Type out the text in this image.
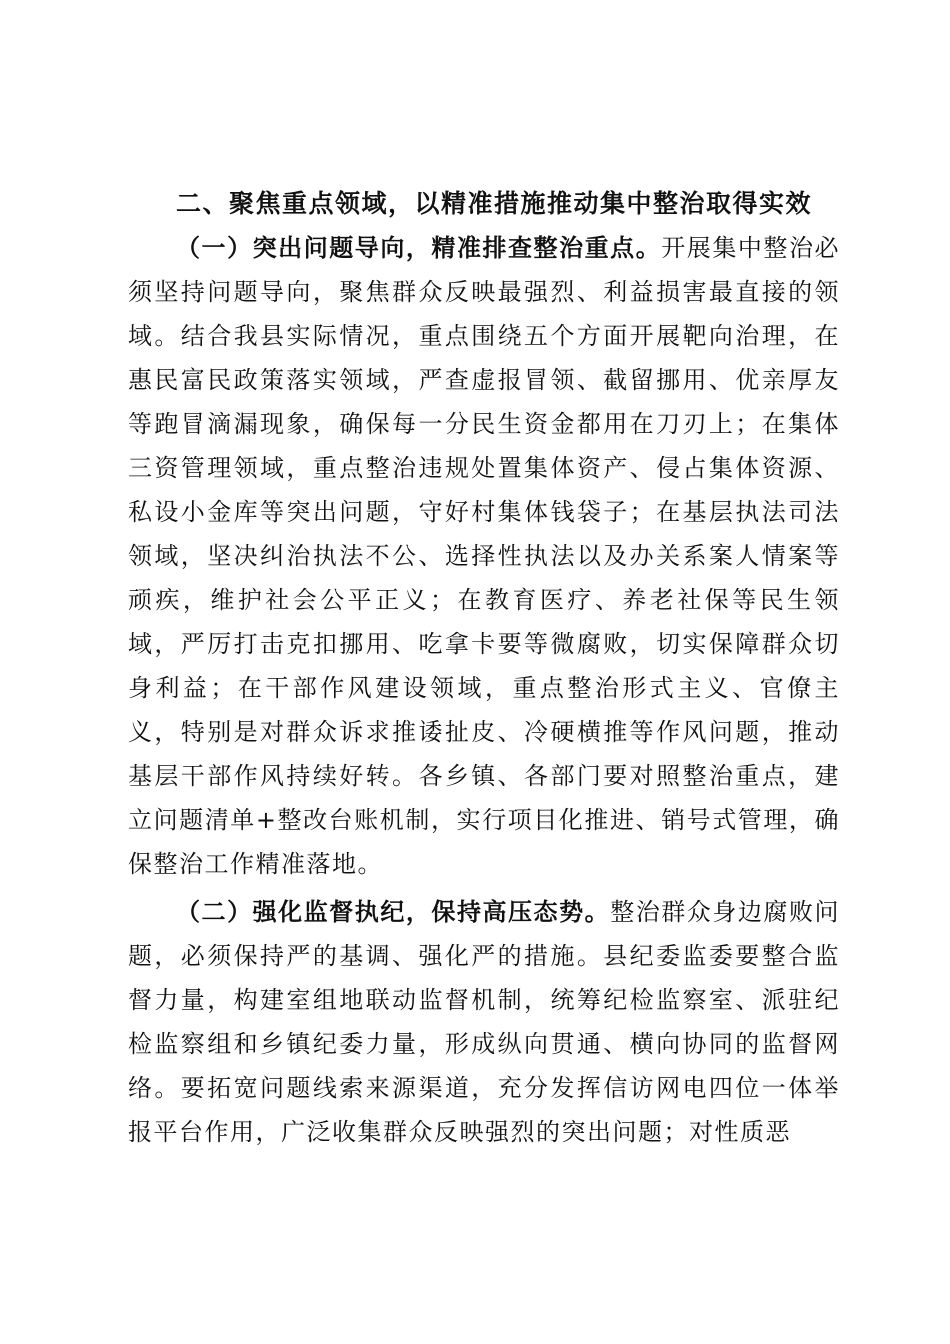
二、聚焦重点领域，以精准措施推动集中整治取得实效

（一）突出问题导向，精准排查整治重点。开展集中整治必须坚持问题导向，聚焦群众反映最强烈、利益损害最直接的领域。结合我县实际情况，重点围绕五个方面开展靶向治理，在惠民富民政策落实领域，严查虚报冒领、截留挪用、优亲厚友等跑冒滴漏现象，确保每一分民生资金都用在刀刃上；在集体三资管理领域，重点整治违规处置集体资产、侵占集体资源、私设小金库等突出问题，守好村集体钱袋子；在基层执法司法领域，坚决纠治执法不公、选择性执法以及办关系案人情案等顽疾，维护社会公平正义；在教育医疗、养老社保等民生领域，严厉打击克扣挪用、吃拿卡要等微腐败，切实保障群众切身利益；在干部作风建设领域，重点整治形式主义、官僚主义，特别是对群众诉求推诿扯皮、冷硬横推等作风问题，推动基层干部作风持续好转。各乡镇、各部门要对照整治重点，建立问题清单+整改台账机制，实行项目化推进、销号式管理，确保整治工作精准落地。

（二）强化监督执纪，保持高压态势。整治群众身边腐败问题，必须保持严的基调、强化严的措施。县纪委监委要整合监督力量，构建室组地联动监督机制，统筹纪检监察室、派驻纪检监察组和乡镇纪委力量，形成纵向贯通、横向协同的监督网络。要拓宽问题线索来源渠道，充分发挥信访网电四位一体举报平台作用，广泛收集群众反映强烈的突出问题；对性质恶
